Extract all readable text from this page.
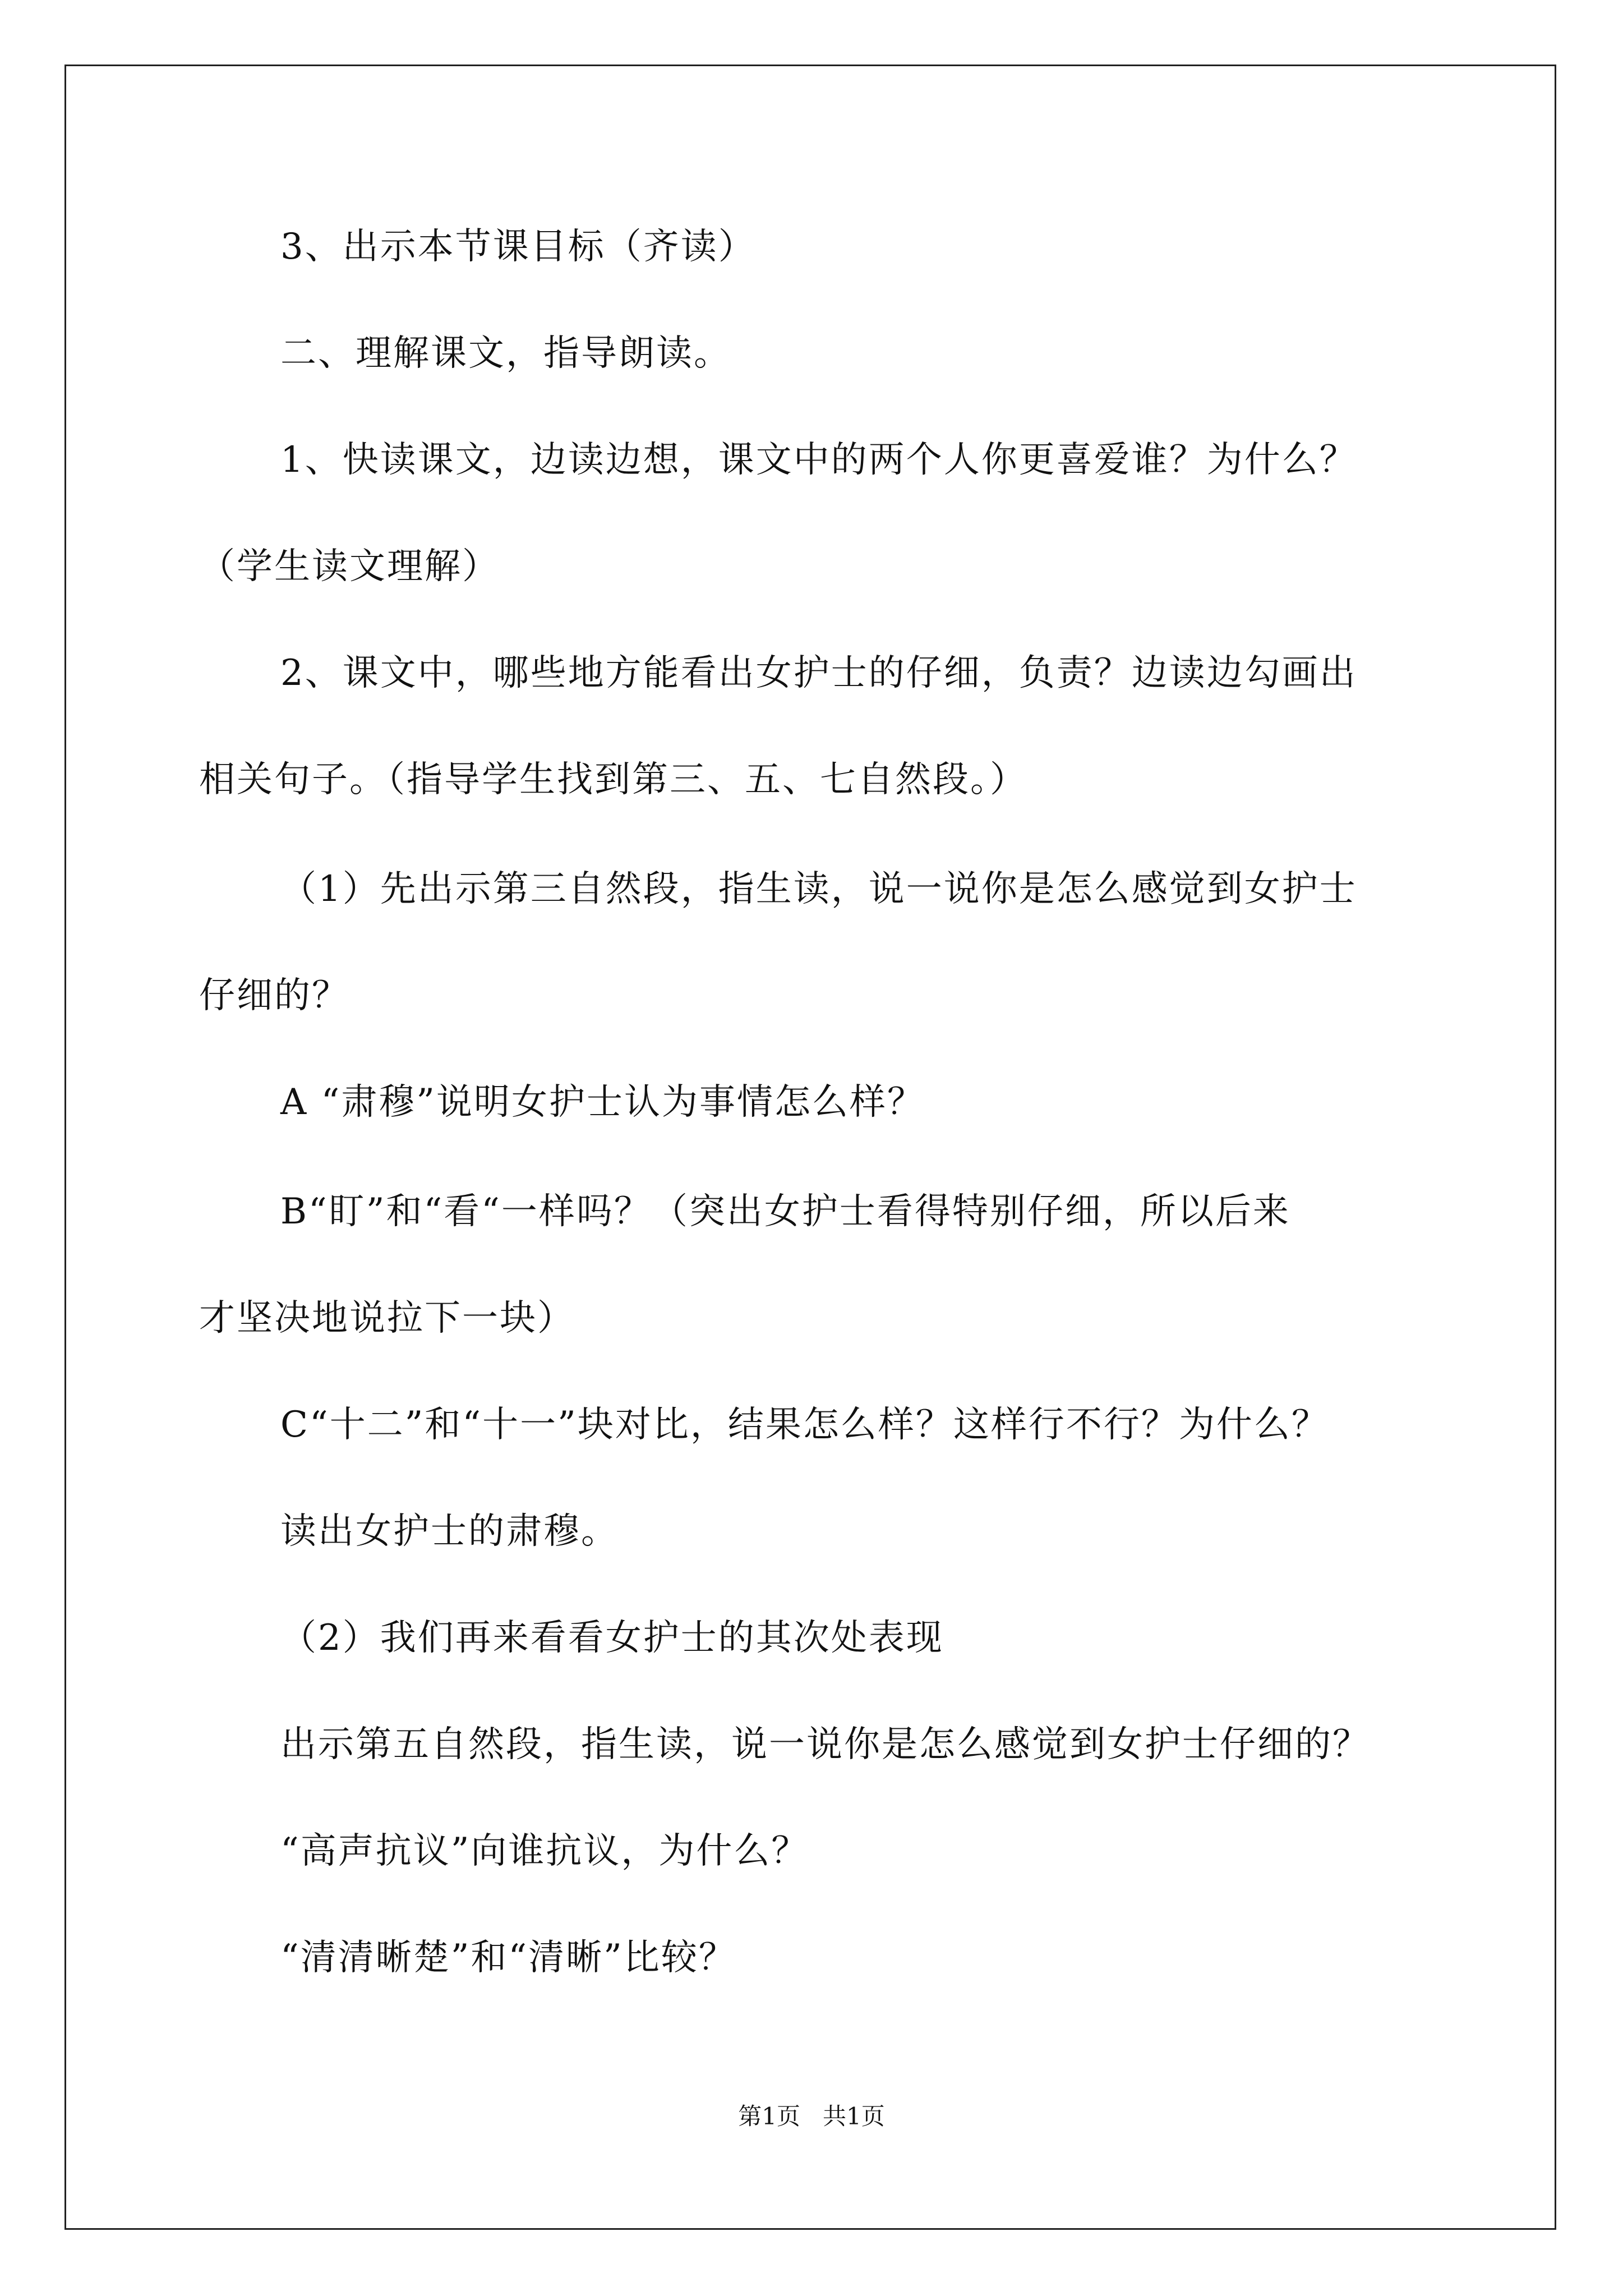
3、出示本节课目标（齐读）
二、理解课文，指导朗读。
1、快读课文，边读边想，课文中的两个人你更喜爱谁？为什么？
（学生读文理解）
2、课文中，哪些地方能看出女护士的仔细，负责？边读边勾画出
相关句子。（指导学生找到第三、五、七自然段。）
（1）先出示第三自然段，指生读，说一说你是怎么感觉到女护士
仔细的？
A “肃穆”说明女护士认为事情怎么样？
B“盯”和“看“一样吗？（突出女护士看得特别仔细，所以后来
才坚决地说拉下一块）
C“十二”和“十一”块对比，结果怎么样？这样行不行？为什么？
读出女护士的肃穆。
（2）我们再来看看女护士的其次处表现
出示第五自然段，指生读，说一说你是怎么感觉到女护士仔细的？
“高声抗议”向谁抗议，为什么？
“清清晰楚”和“清晰”比较？
第1页   共1页
